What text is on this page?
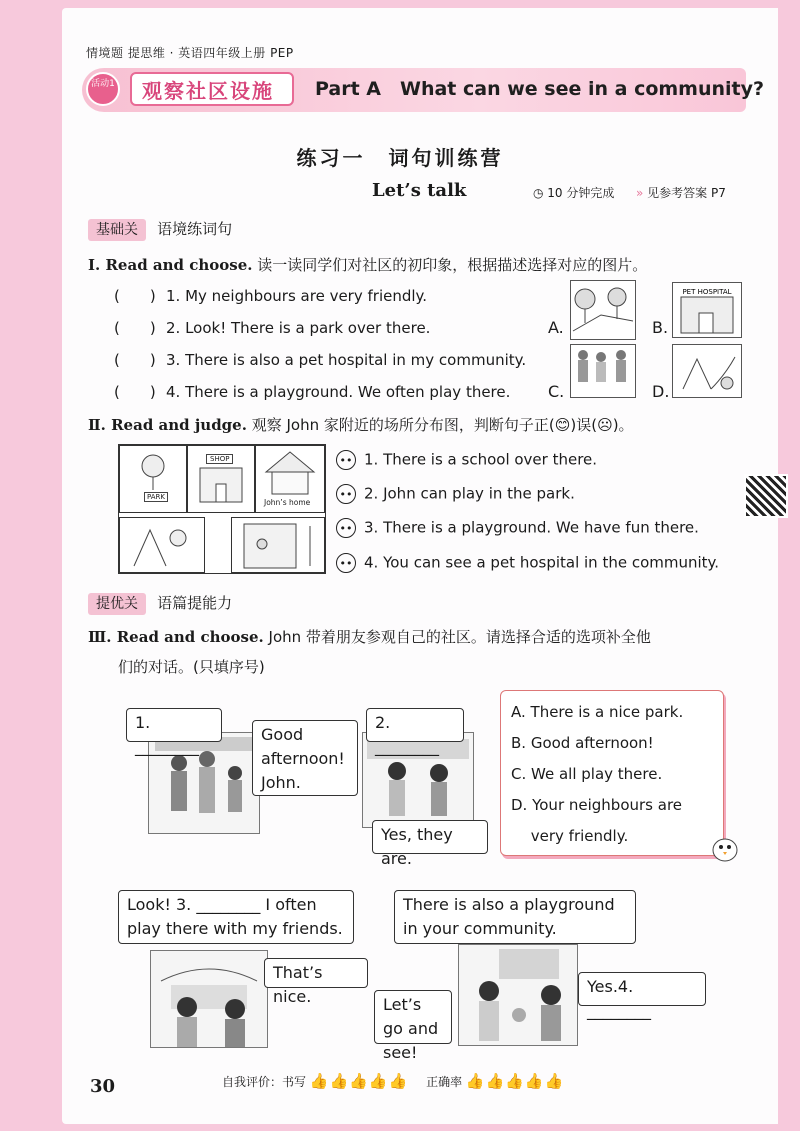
情境题 提思维 · 英语四年级上册 PEP
活动1	观察社区设施	Part A What can we see in a community?
练习一　词句训练营
Let’s talk	◷ 10 分钟完成 » 见参考答案 P7
基础关 语境练词句
Ⅰ. Read and choose. 读一读同学们对社区的初印象，根据描述选择对应的图片。
(　　) 1. My neighbours are very friendly.
(　　) 2. Look! There is a park over there.
(　　) 3. There is also a pet hospital in my community.
(　　) 4. There is a playground. We often play there.
A.	B.
PET HOSPITAL
C.	D.
Ⅱ. Read and judge. 观察 John 家附近的场所分布图，判断句子正(😊)误(☹)。
PARK
SHOP
John’s home
•• 1. There is a school over there.
•• 2. John can play in the park.
•• 3. There is a playground. We have fun there.
•• 4. You can see a pet hospital in the community.
提优关 语篇提能力
Ⅲ. Read and choose. John 带着朋友参观自己的社区。请选择合适的选项补全他
们的对话。(只填序号)
1. ________
Good afternoon! John.
2. ________
Yes, they are.
A. There is a nice park.
B. Good afternoon!
C. We all play there.
D. Your neighbours are
　 very friendly.
Look! 3. ________ I often play there with my friends.
That’s nice.
There is also a playground in your community.
Let’s go and see!
Yes.4. ________
30	自我评价：书写 👍👍👍👍👍 正确率 👍👍👍👍👍
